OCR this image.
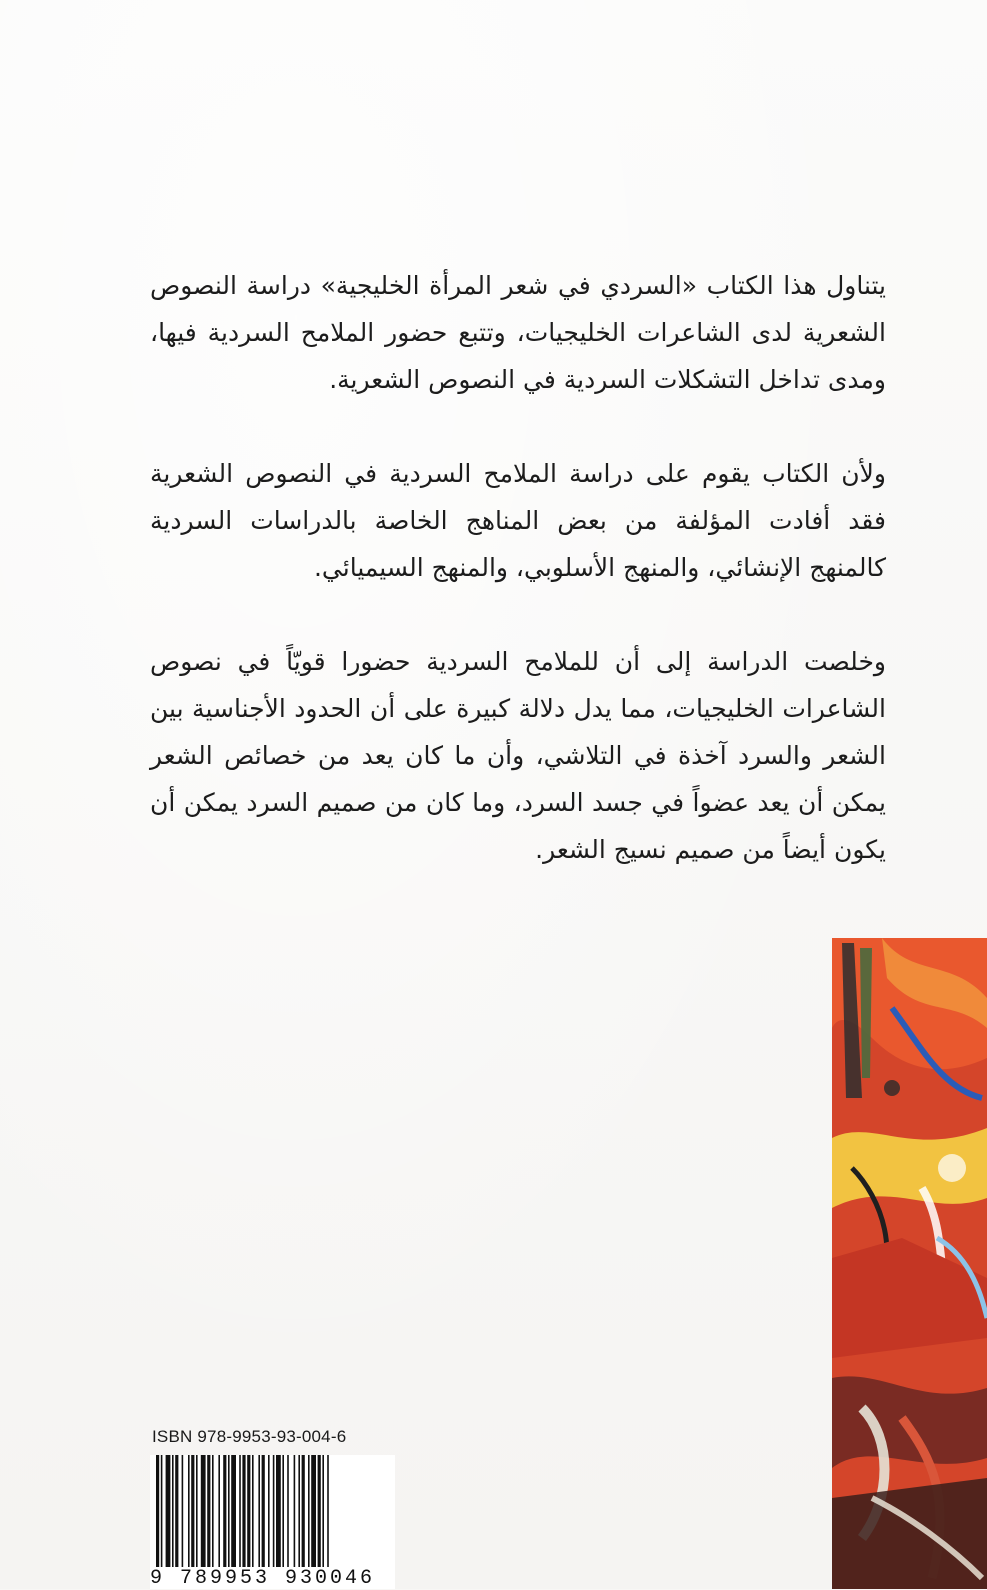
يتناول هذا الكتاب «السردي في شعر المرأة الخليجية» دراسة النصوص الشعرية لدى الشاعرات الخليجيات، وتتبع حضور الملامح السردية فيها، ومدى تداخل التشكلات السردية في النصوص الشعرية.

ولأن الكتاب يقوم على دراسة الملامح السردية في النصوص الشعرية فقد أفادت المؤلفة من بعض المناهج الخاصة بالدراسات السردية كالمنهج الإنشائي، والمنهج الأسلوبي، والمنهج السيميائي.

وخلصت الدراسة إلى أن للملامح السردية حضورا قويّاً في نصوص الشاعرات الخليجيات، مما يدل دلالة كبيرة على أن الحدود الأجناسية بين الشعر والسرد آخذة في التلاشي، وأن ما كان يعد من خصائص الشعر يمكن أن يعد عضواً في جسد السرد، وما كان من صميم السرد يمكن أن يكون أيضاً من صميم نسيج الشعر.

ISBN 978-9953-93-004-6
9 789953 930046
